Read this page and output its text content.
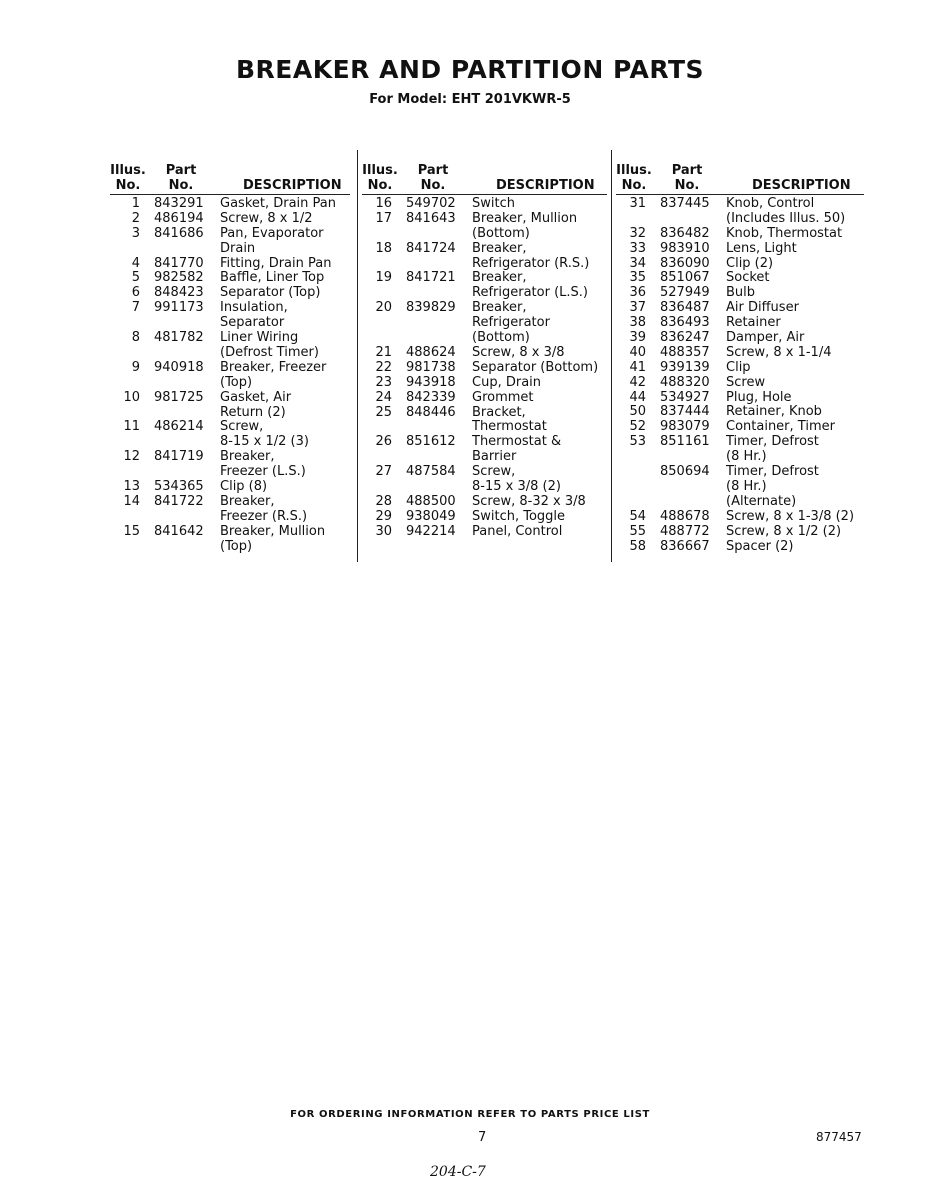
BREAKER AND PARTITION PARTS
For Model: EHT 201VKWR-5
Illus.
No.
Part
No.	DESCRIPTION
1 843291 Gasket, Drain Pan
2 486194 Screw, 8 x 1/2
3 841686 Pan, Evaporator
Drain
4 841770 Fitting, Drain Pan
5 982582 Baffle, Liner Top
6 848423 Separator (Top)
7 991173 Insulation,
Separator
8 481782 Liner Wiring
(Defrost Timer)
9 940918 Breaker, Freezer
(Top)
10 981725 Gasket, Air
Return (2)
11 486214 Screw,
8-15 x 1/2 (3)
12 841719 Breaker,
Freezer (L.S.)
13 534365 Clip (8)
14 841722 Breaker,
Freezer (R.S.)
15 841642 Breaker, Mullion
(Top)
Illus.
No.
Part
No.	DESCRIPTION
16 549702 Switch
17 841643 Breaker, Mullion
(Bottom)
18 841724 Breaker,
Refrigerator (R.S.)
19 841721 Breaker,
Refrigerator (L.S.)
20 839829 Breaker,
Refrigerator
(Bottom)
21 488624 Screw, 8 x 3/8
22 981738 Separator (Bottom)
23 943918 Cup, Drain
24 842339 Grommet
25 848446 Bracket,
Thermostat
26 851612 Thermostat &
Barrier
27 487584 Screw,
8-15 x 3/8 (2)
28 488500 Screw, 8-32 x 3/8
29 938049 Switch, Toggle
30 942214 Panel, Control
Illus.
No.
Part
No.	DESCRIPTION
31 837445 Knob, Control
(Includes Illus. 50)
32 836482 Knob, Thermostat
33 983910 Lens, Light
34 836090 Clip (2)
35 851067 Socket
36 527949 Bulb
37 836487 Air Diffuser
38 836493 Retainer
39 836247 Damper, Air
40 488357 Screw, 8 x 1-1/4
41 939139 Clip
42 488320 Screw
44 534927 Plug, Hole
50 837444 Retainer, Knob
52 983079 Container, Timer
53 851161 Timer, Defrost
(8 Hr.)
850694 Timer, Defrost
(8 Hr.)
(Alternate)
54 488678 Screw, 8 x 1-3/8 (2)
55 488772 Screw, 8 x 1/2 (2)
58 836667 Spacer (2)
FOR ORDERING INFORMATION REFER TO PARTS PRICE LIST
7	877457
204-C-7
